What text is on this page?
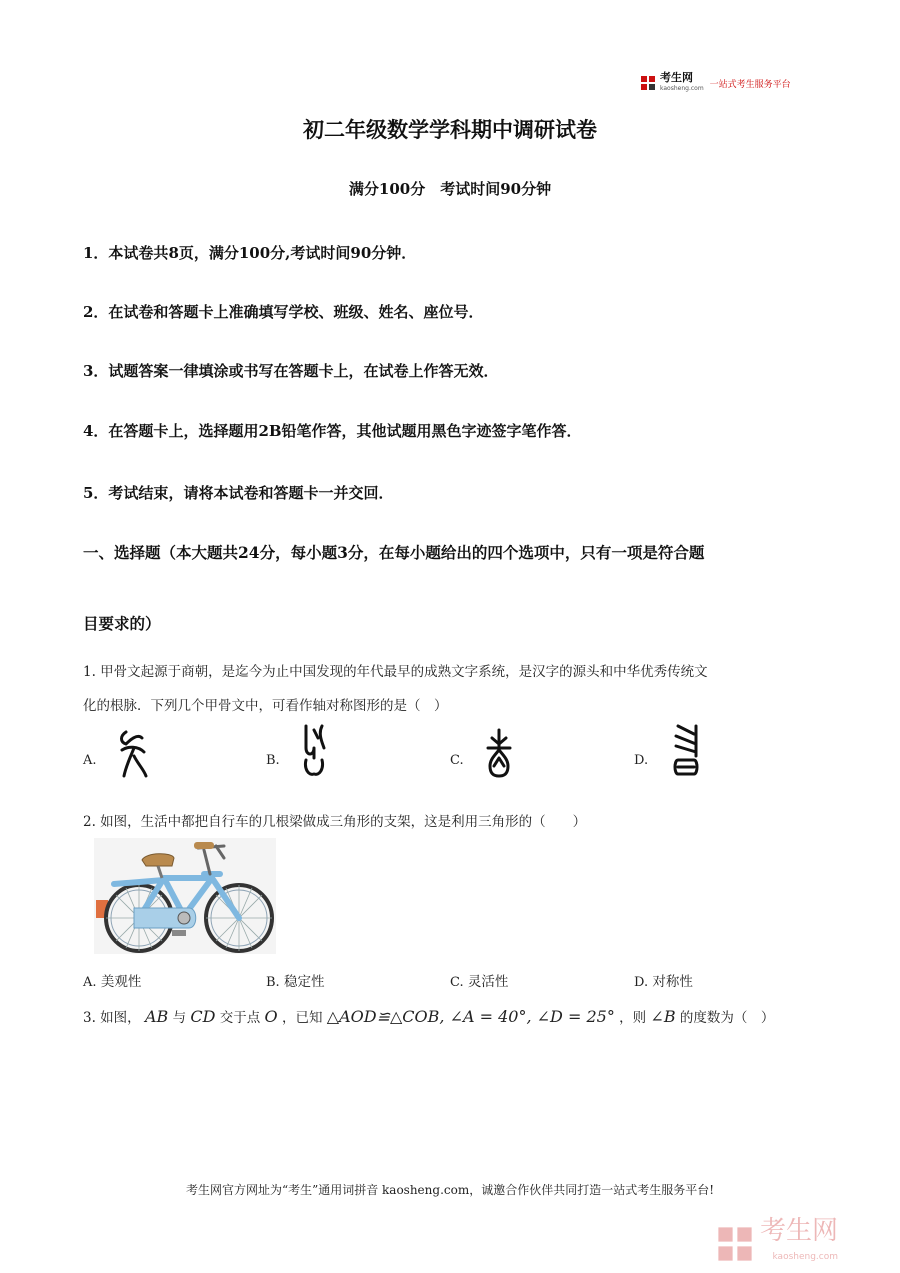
考生网
kaosheng.com 一站式考生服务平台
初二年级数学学科期中调研试卷
满分100分　考试时间90分钟
1．本试卷共8页，满分100分,考试时间90分钟．
2．在试卷和答题卡上准确填写学校、班级、姓名、座位号．
3．试题答案一律填涂或书写在答题卡上，在试卷上作答无效．
4．在答题卡上，选择题用2B铅笔作答，其他试题用黑色字迹签字笔作答．
5．考试结束，请将本试卷和答题卡一并交回．
一、选择题（本大题共24分，每小题3分，在每小题给出的四个选项中，只有一项是符合题
目要求的）
1. 甲骨文起源于商朝，是迄今为止中国发现的年代最早的成熟文字系统，是汉字的源头和中华优秀传统文
化的根脉．下列几个甲骨文中，可看作轴对称图形的是（　）
A.	B.	C.	D.
2. 如图，生活中都把自行车的几根梁做成三角形的支架，这是利用三角形的（　　）
A. 美观性	B. 稳定性	C. 灵活性	D. 对称性
3. 如图， AB 与 CD 交于点 O ，已知 △AOD≌△COB, ∠A = 40°, ∠D = 25° ，则 ∠B 的度数为（　）
考生网官方网址为“考生”通用词拼音 kaosheng.com，诚邀合作伙伴共同打造一站式考生服务平台!
考生网
kaosheng.com
